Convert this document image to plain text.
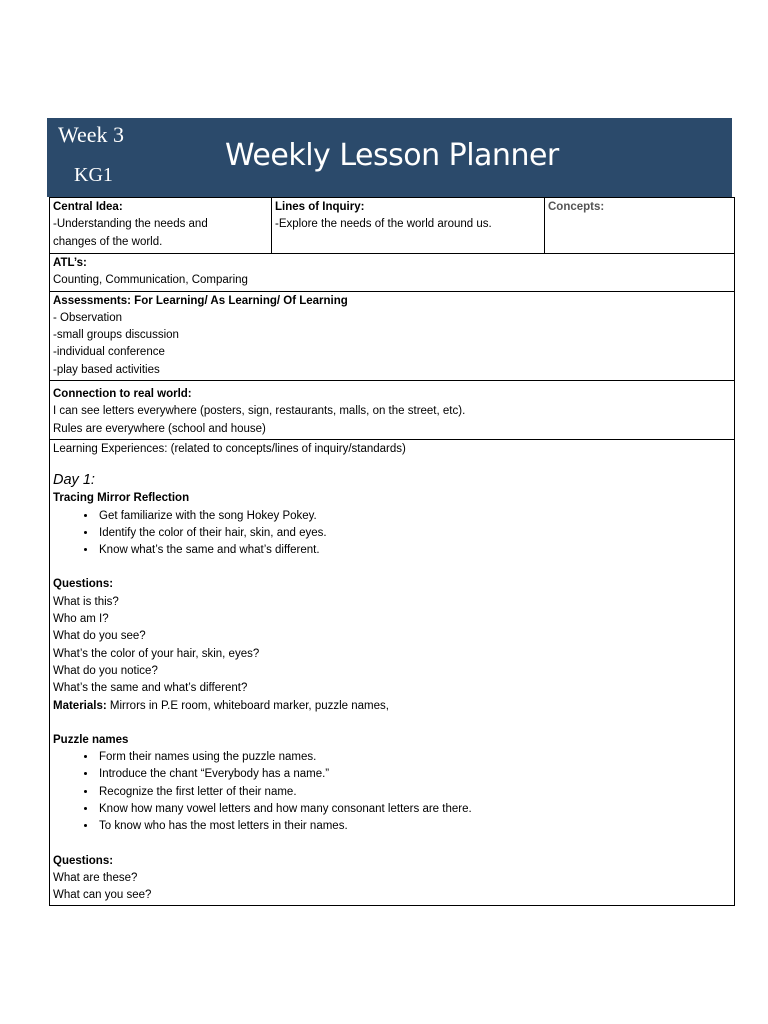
Week 3
KG1
Weekly Lesson Planner
Central Idea:
-Understanding the needs and
changes of the world.

Lines of Inquiry:
-Explore the needs of the world around us.

Concepts:

ATL’s:
Counting, Communication, Comparing

Assessments: For Learning/ As Learning/ Of Learning
- Observation
-small groups discussion
-individual conference
-play based activities

Connection to real world:
I can see letters everywhere (posters, sign, restaurants, malls, on the street, etc).
Rules are everywhere (school and house)

Learning Experiences: (related to concepts/lines of inquiry/standards)
Day 1:
Tracing Mirror Reflection
• Get familiarize with the song Hokey Pokey.
• Identify the color of their hair, skin, and eyes.
• Know what’s the same and what’s different.
Questions:
What is this?
Who am I?
What do you see?
What’s the color of your hair, skin, eyes?
What do you notice?
What’s the same and what’s different?
Materials: Mirrors in P.E room, whiteboard marker, puzzle names,
Puzzle names
• Form their names using the puzzle names.
• Introduce the chant “Everybody has a name.”
• Recognize the first letter of their name.
• Know how many vowel letters and how many consonant letters are there.
• To know who has the most letters in their names.
Questions:
What are these?
What can you see?
